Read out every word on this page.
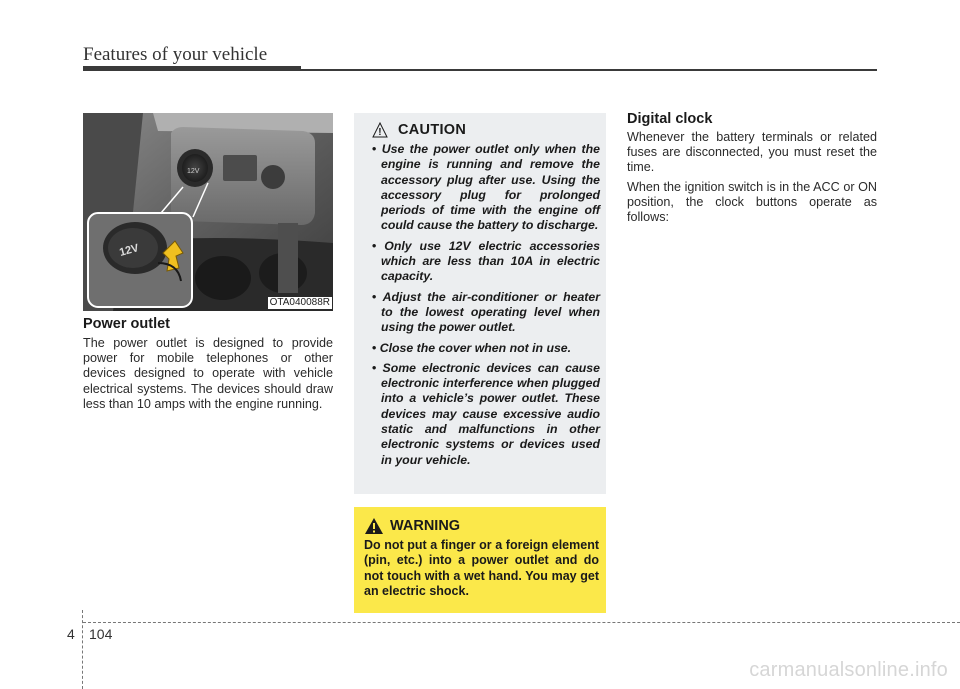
Features of your vehicle
12V
12V
OTA040088R
Power outlet
The power outlet is designed to provide power for mobile telephones or other devices designed to operate with vehicle electrical systems. The devices should draw less than 10 amps with the engine running.
! CAUTION
• Use the power outlet only when the engine is running and remove the accessory plug after use. Using the accessory plug for prolonged periods of time with the engine off could cause the battery to discharge.
• Only use 12V electric accessories which are less than 10A in electric capacity.
• Adjust the air-conditioner or heater to the lowest operating level when using the power outlet.
• Close the cover when not in use.
• Some electronic devices can cause electronic interference when plugged into a vehicle’s power outlet. These devices may cause excessive audio static and malfunctions in other electronic systems or devices used in your vehicle.
WARNING
Do not put a finger or a foreign element (pin, etc.) into a power outlet and do not touch with a wet hand. You may get an electric shock.
Digital clock
Whenever the battery terminals or related fuses are disconnected, you must reset the time.
When the ignition switch is in the ACC or ON position, the clock buttons operate as follows:
4 104
carmanualsonline.info
